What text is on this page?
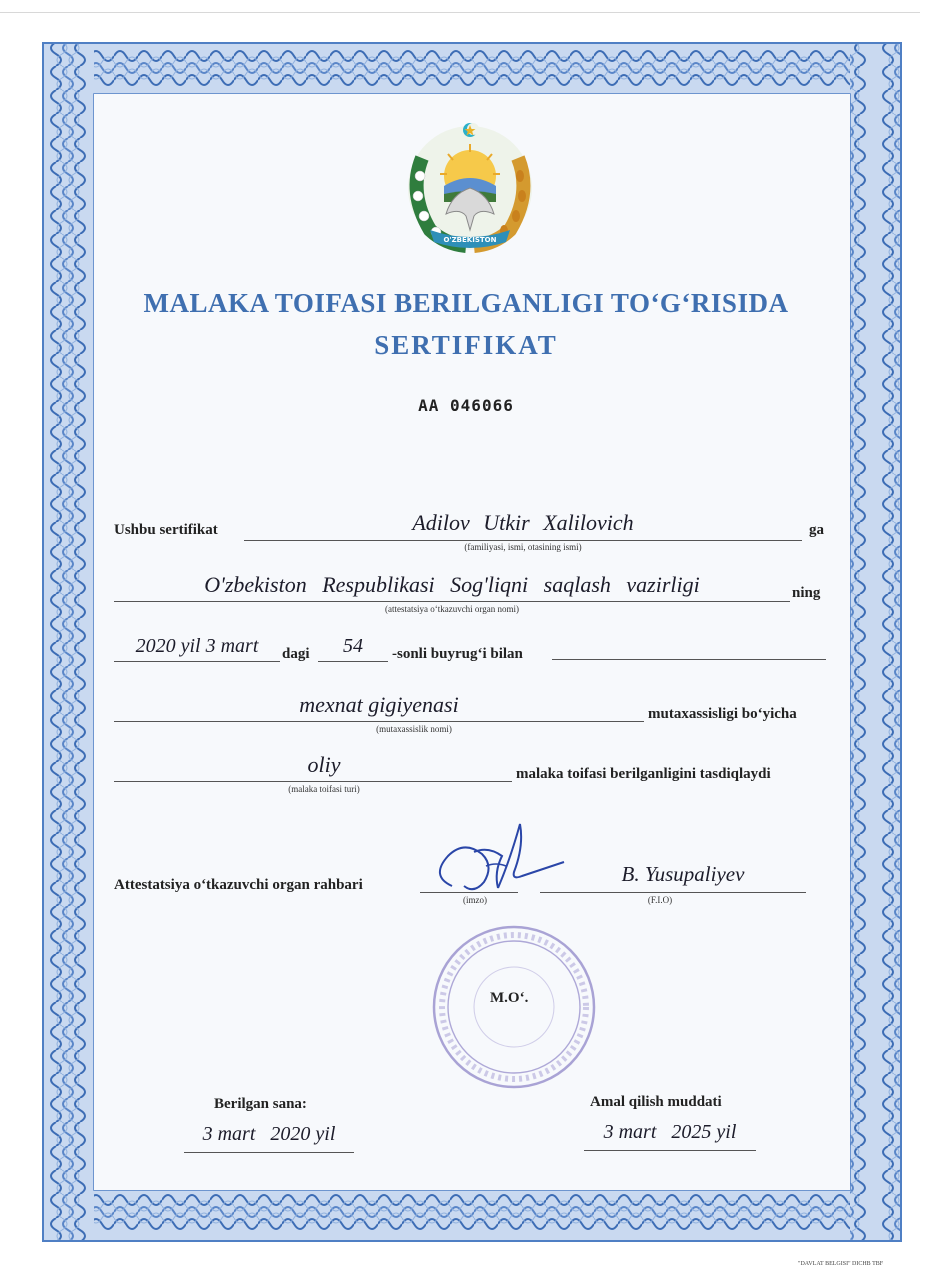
O'ZBEKISTON
MALAKA TOIFASI BERILGANLIGI TO‘G‘RISIDA
SERTIFIKAT
AA 046066
Ushbu sertifikat	Adilov Utkir Xalilovich
(familiyasi, ismi, otasining ismi)
ga
O'zbekiston Respublikasi Sog'liqni saqlash vazirligi
(attestatsiya o‘tkazuvchi organ nomi)
ning
2020 yil 3 mart	dagi	54	-sonli buyrug‘i bilan
mexnat gigiyenasi
(mutaxassislik nomi)
mutaxassisligi bo‘yicha
oliy
(malaka toifasi turi)
malaka toifasi berilganligini tasdiqlaydi
Attestatsiya o‘tkazuvchi organ rahbari
(imzo)
B. Yusupaliyev
(F.I.O)
M.O‘.
Berilgan sana:
3 mart   2020 yil
Amal qilish muddati
3 mart   2025 yil
"DAVLAT BELGISI" DICHB TBF
